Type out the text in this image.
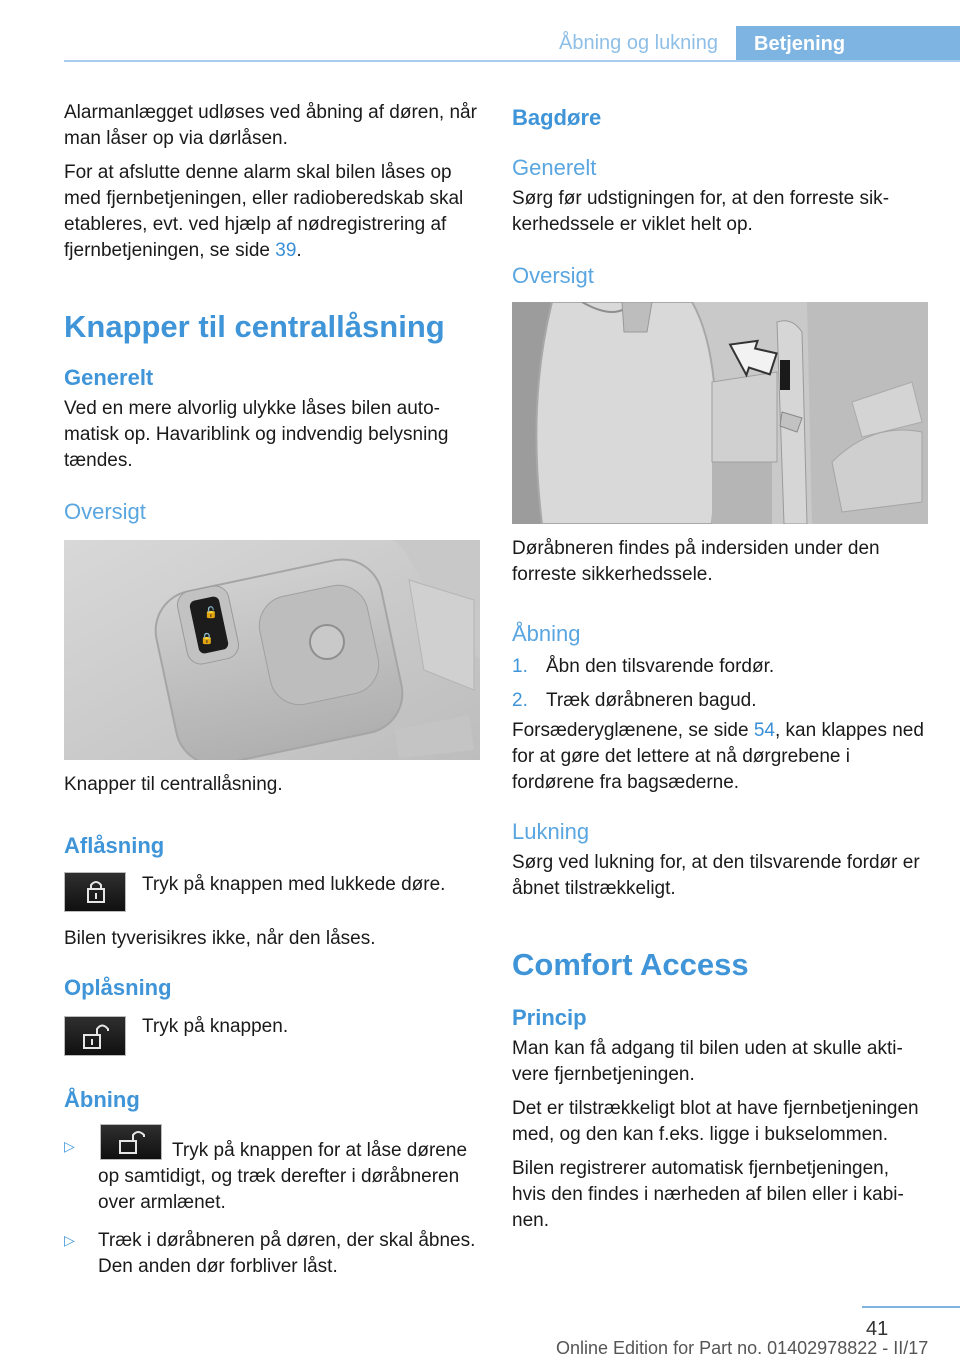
Åbning og lukning	Betjening

Alarmanlægget udløses ved åbning af døren, når man låser op via dørlåsen.

For at afslutte denne alarm skal bilen låses op med fjernbetjeningen, eller radioberedskab skal etableres, evt. ved hjælp af nødregistrering af fjernbetjeningen, se side 39.

Knapper til centrallåsning
Generelt

Ved en mere alvorlig ulykke låses bilen automatisk op. Havariblink og indvendig belysning tændes.

Oversigt
🔓
🔒

Knapper til centrallåsning.

Aflåsning

Tryk på knappen med lukkede døre.

Bilen tyverisikres ikke, når den låses.

Oplåsning

Tryk på knappen.

Åbning
▷	Tryk på knappen for at låse dørene op samtidigt, og træk derefter i døråbneren over armlænet.

▷ Træk i døråbneren på døren, der skal åbnes. Den anden dør forbliver låst.

Bagdøre
Generelt

Sørg før udstigningen for, at den forreste sikkerhedssele er viklet helt op.

Oversigt

Døråbneren findes på indersiden under den forreste sikkerhedssele.

Åbning
1. Åbn den tilsvarende fordør.
2. Træk døråbneren bagud.

Forsæderyglænene, se side 54, kan klappes ned for at gøre det lettere at nå dørgrebene i fordørene fra bagsæderne.

Lukning

Sørg ved lukning for, at den tilsvarende fordør er åbnet tilstrækkeligt.

Comfort Access
Princip

Man kan få adgang til bilen uden at skulle aktivere fjernbetjeningen.

Det er tilstrækkeligt blot at have fjernbetjeningen med, og den kan f.eks. ligge i bukselommen.

Bilen registrerer automatisk fjernbetjeningen, hvis den findes i nærheden af bilen eller i kabinen.

41
Online Edition for Part no. 01402978822 - II/17
